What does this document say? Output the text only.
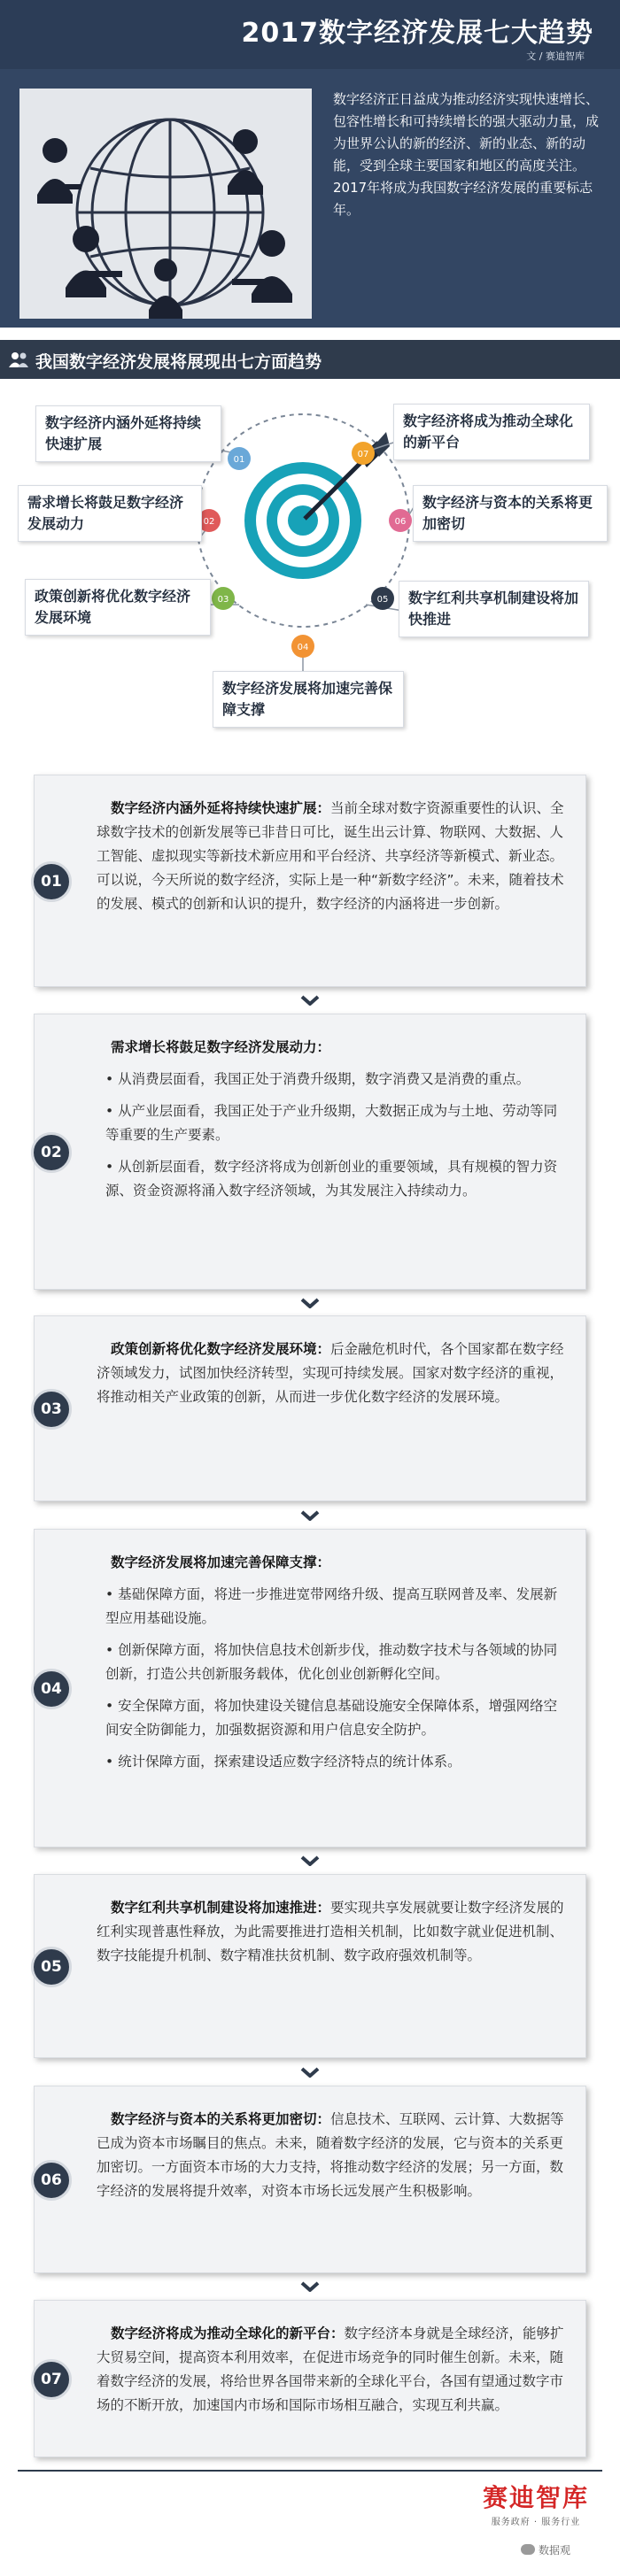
2017数字经济发展七大趋势
文 / 赛迪智库
数字经济正日益成为推动经济实现快速增长、包容性增长和可持续增长的强大驱动力量，成为世界公认的新的经济、新的业态、新的动能，受到全球主要国家和地区的高度关注。2017年将成为我国数字经济发展的重要标志年。
我国数字经济发展将展现出七方面趋势
01
02
03
04
05
06
07
数字经济内涵外延将持续快速扩展
需求增长将鼓足数字经济发展动力
政策创新将优化数字经济发展环境
数字经济发展将加速完善保障支撑
数字红利共享机制建设将加快推进
数字经济与资本的关系将更加密切
数字经济将成为推动全球化的新平台
01

数字经济内涵外延将持续快速扩展：当前全球对数字资源重要性的认识、全球数字技术的创新发展等已非昔日可比，诞生出云计算、物联网、大数据、人工智能、虚拟现实等新技术新应用和平台经济、共享经济等新模式、新业态。可以说，今天所说的数字经济，实际上是一种“新数字经济”。未来，随着技术的发展、模式的创新和认识的提升，数字经济的内涵将进一步创新。

02

需求增长将鼓足数字经济发展动力：

• 从消费层面看，我国正处于消费升级期，数字消费又是消费的重点。

• 从产业层面看，我国正处于产业升级期，大数据正成为与土地、劳动等同等重要的生产要素。

• 从创新层面看，数字经济将成为创新创业的重要领域，具有规模的智力资源、资金资源将涌入数字经济领域，为其发展注入持续动力。

03

政策创新将优化数字经济发展环境：后金融危机时代，各个国家都在数字经济领域发力，试图加快经济转型，实现可持续发展。国家对数字经济的重视，将推动相关产业政策的创新，从而进一步优化数字经济的发展环境。

04

数字经济发展将加速完善保障支撑：

• 基础保障方面，将进一步推进宽带网络升级、提高互联网普及率、发展新型应用基础设施。

• 创新保障方面，将加快信息技术创新步伐，推动数字技术与各领域的协同创新，打造公共创新服务载体，优化创业创新孵化空间。

• 安全保障方面，将加快建设关键信息基础设施安全保障体系，增强网络空间安全防御能力，加强数据资源和用户信息安全防护。

• 统计保障方面，探索建设适应数字经济特点的统计体系。

05

数字红利共享机制建设将加速推进：要实现共享发展就要让数字经济发展的红利实现普惠性释放，为此需要推进打造相关机制，比如数字就业促进机制、数字技能提升机制、数字精准扶贫机制、数字政府强效机制等。

06

数字经济与资本的关系将更加密切：信息技术、互联网、云计算、大数据等已成为资本市场瞩目的焦点。未来，随着数字经济的发展，它与资本的关系更加密切。一方面资本市场的大力支持，将推动数字经济的发展；另一方面，数字经济的发展将提升效率，对资本市场长远发展产生积极影响。

07

数字经济将成为推动全球化的新平台：数字经济本身就是全球经济，能够扩大贸易空间，提高资本利用效率，在促进市场竞争的同时催生创新。未来，随着数字经济的发展，将给世界各国带来新的全球化平台，各国有望通过数字市场的不断开放，加速国内市场和国际市场相互融合，实现互利共赢。

赛迪智库
服务政府 · 服务行业
数据观
